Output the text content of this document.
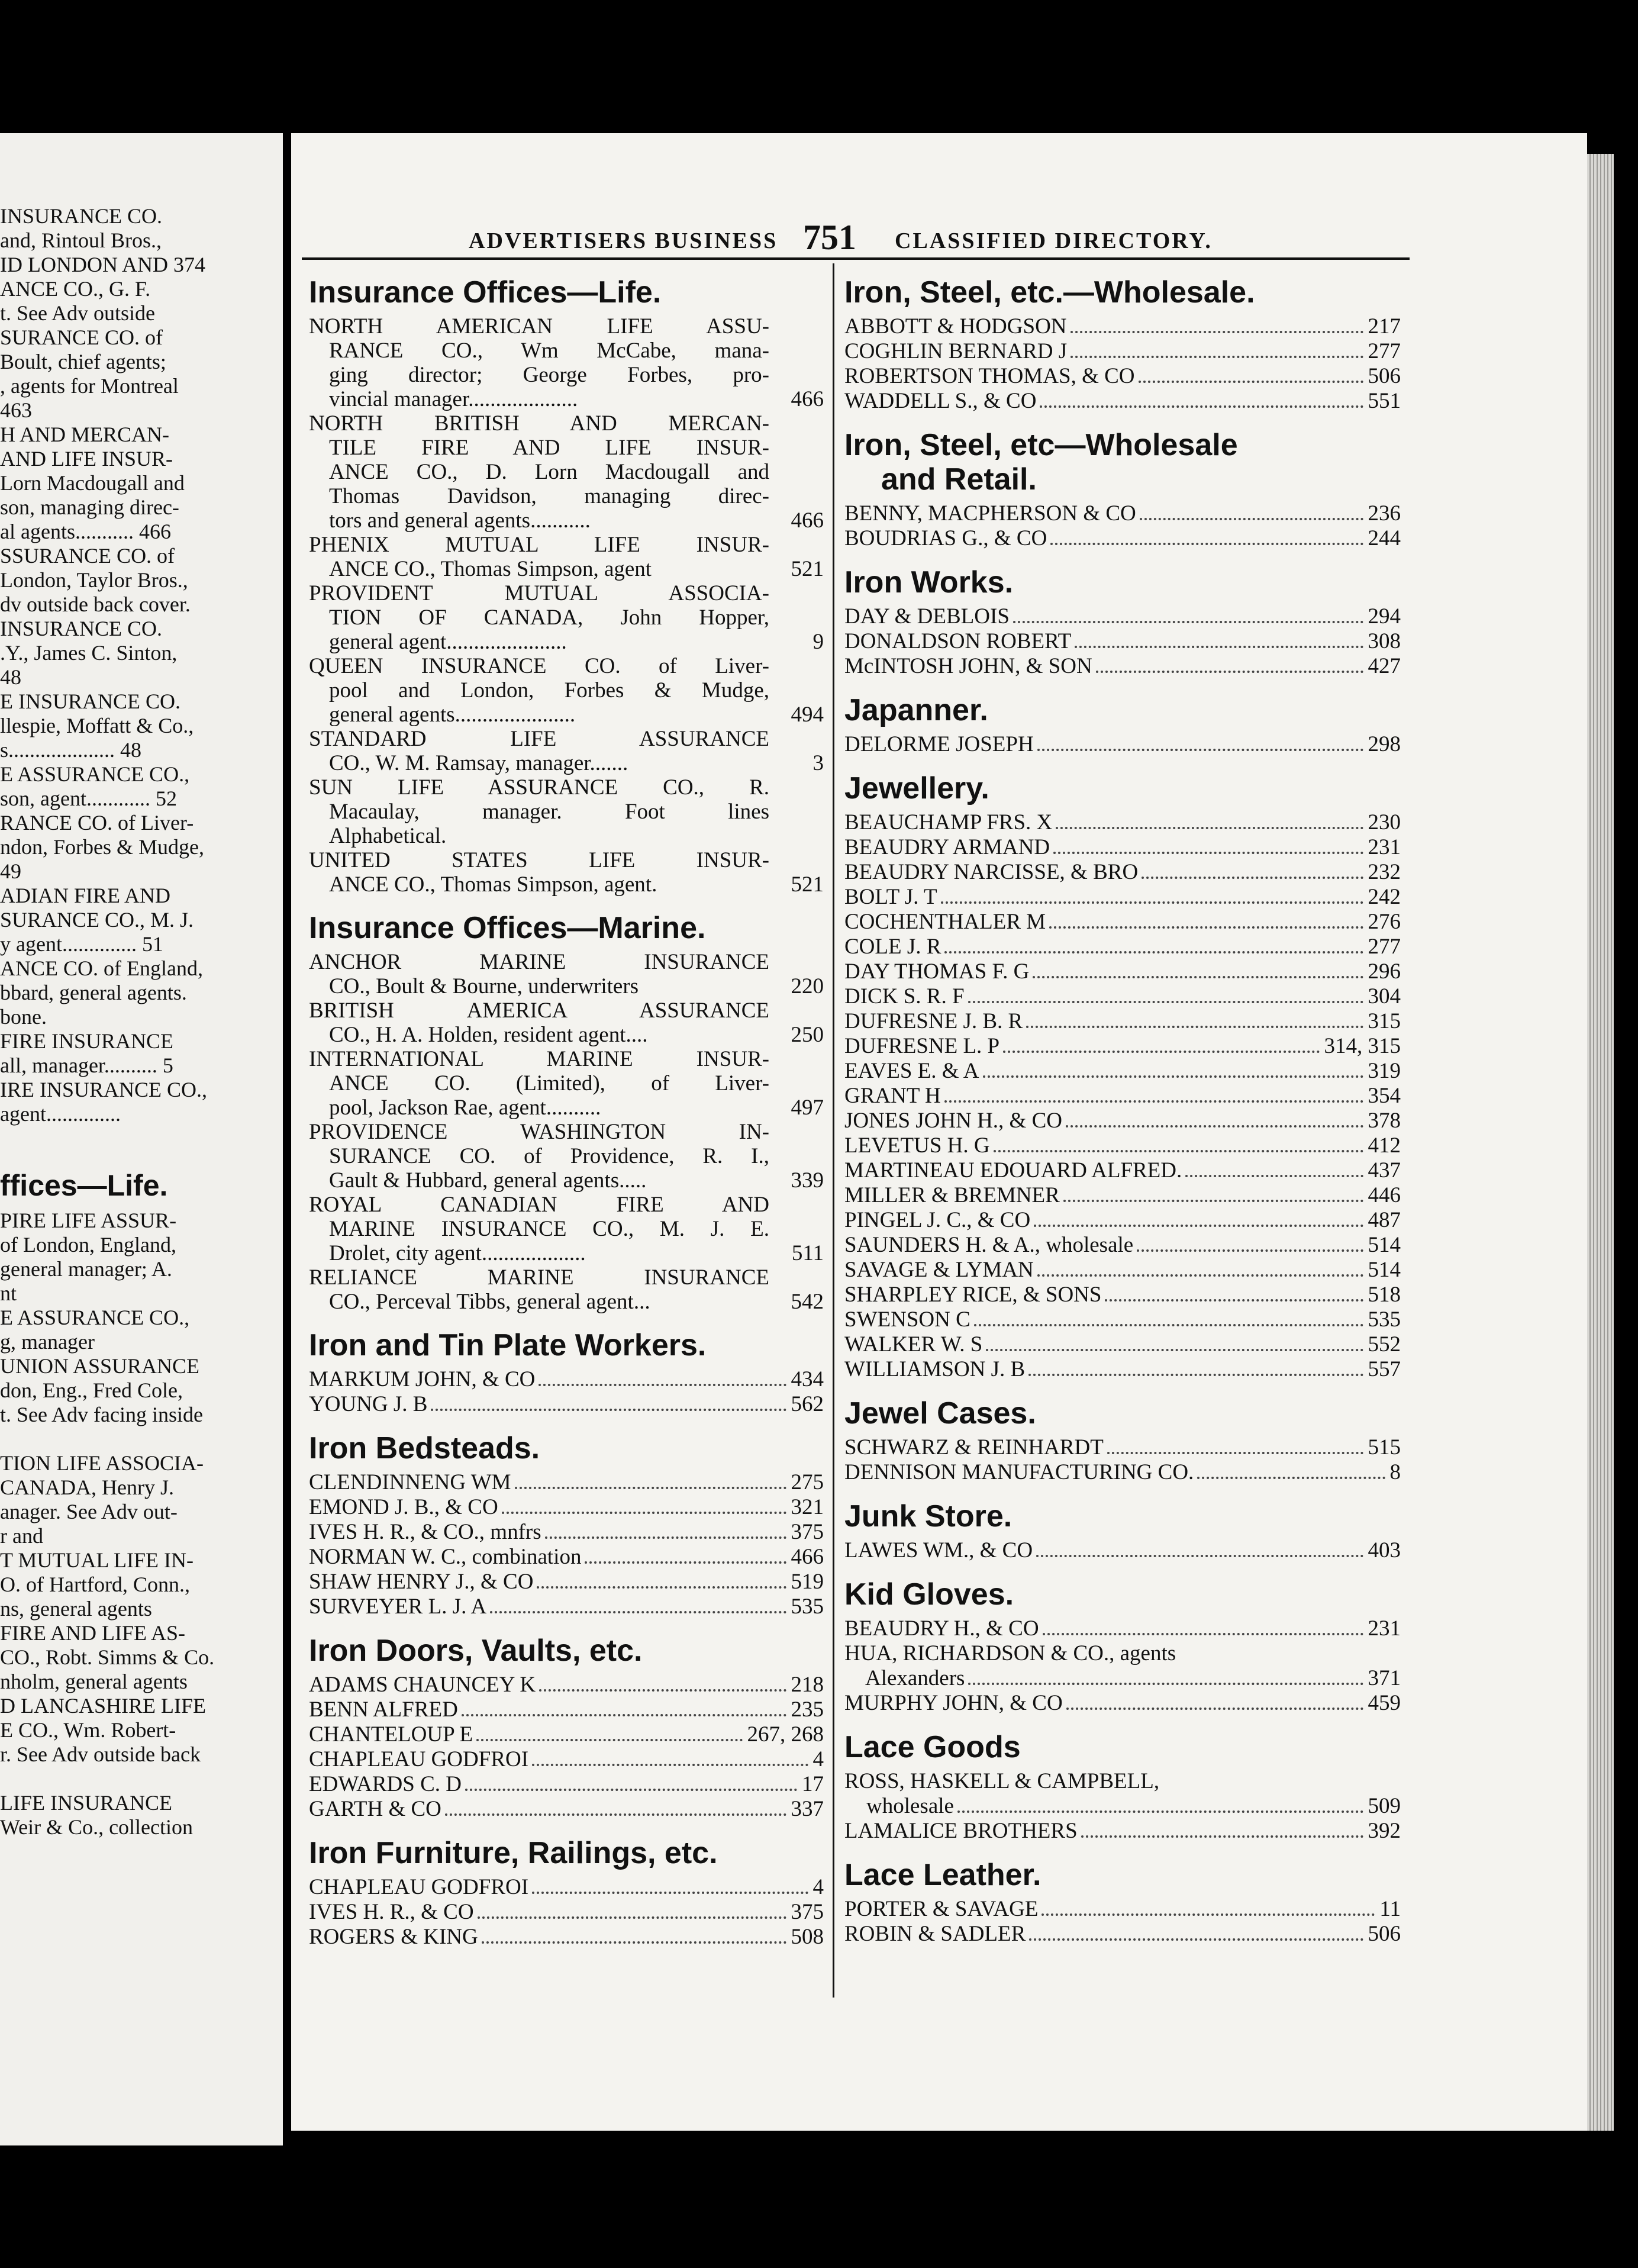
INSURANCE CO.
and, Rintoul Bros.,
ID LONDON AND 374
ANCE CO., G. F.
t. See Adv outside
SURANCE CO. of
Boult, chief agents;
, agents for Montreal
463
H AND MERCAN-
AND LIFE INSUR-
Lorn Macdougall and
son, managing direc-
al agents........... 466
SSURANCE CO. of
London, Taylor Bros.,
dv outside back cover.
INSURANCE CO.
.Y., James C. Sinton,
48
E INSURANCE CO.
llespie, Moffatt & Co.,
s.................... 48
E ASSURANCE CO.,
son, agent............ 52
RANCE CO. of Liver-
ndon, Forbes & Mudge,
49
ADIAN FIRE AND
SURANCE CO., M. J.
y agent.............. 51
ANCE CO. of England,
bbard, general agents.
bone.
FIRE INSURANCE
all, manager.......... 5
IRE INSURANCE CO.,
agent..............
ffices—Life.
PIRE LIFE ASSUR-
of London, England,
general manager; A.
nt
E ASSURANCE CO.,
g, manager
UNION ASSURANCE
don, Eng., Fred Cole,
t. See Adv facing inside
TION LIFE ASSOCIA-
CANADA, Henry J.
anager. See Adv out-
r and
T MUTUAL LIFE IN-
O. of Hartford, Conn.,
ns, general agents
FIRE AND LIFE AS-
CO., Robt. Simms & Co.
nholm, general agents
D LANCASHIRE LIFE
E CO., Wm. Robert-
r. See Adv outside back
LIFE INSURANCE
Weir & Co., collection
ADVERTISERS BUSINESS 751 CLASSIFIED DIRECTORY.
Insurance Offices—Life.
NORTH AMERICAN LIFE ASSU-
RANCE CO., Wm McCabe, mana-
ging director; George Forbes, pro-
vincial manager....................	466
NORTH BRITISH AND MERCAN-
TILE FIRE AND LIFE INSUR-
ANCE CO., D. Lorn Macdougall and
Thomas Davidson, managing direc-
tors and general agents...........	466
PHENIX MUTUAL LIFE INSUR-
ANCE CO., Thomas Simpson, agent	521
PROVIDENT MUTUAL ASSOCIA-
TION OF CANADA, John Hopper,
general agent......................	9
QUEEN INSURANCE CO. of Liver-
pool and London, Forbes & Mudge,
general agents......................	494
STANDARD LIFE ASSURANCE
CO., W. M. Ramsay, manager.......	3
SUN LIFE ASSURANCE CO., R.
Macaulay, manager. Foot lines
Alphabetical.
UNITED STATES LIFE INSUR-
ANCE CO., Thomas Simpson, agent.	521
Insurance Offices—Marine.
ANCHOR MARINE INSURANCE
CO., Boult & Bourne, underwriters	220
BRITISH AMERICA ASSURANCE
CO., H. A. Holden, resident agent....	250
INTERNATIONAL MARINE INSUR-
ANCE CO. (Limited), of Liver-
pool, Jackson Rae, agent..........	497
PROVIDENCE WASHINGTON IN-
SURANCE CO. of Providence, R. I.,
Gault & Hubbard, general agents.....	339
ROYAL CANADIAN FIRE AND
MARINE INSURANCE CO., M. J. E.
Drolet, city agent...................	511
RELIANCE MARINE INSURANCE
CO., Perceval Tibbs, general agent...	542
Iron and Tin Plate Workers.
MARKUM JOHN, & CO	434
YOUNG J. B	562
Iron Bedsteads.
CLENDINNENG WM	275
EMOND J. B., & CO	321
IVES H. R., & CO., mnfrs	375
NORMAN W. C., combination	466
SHAW HENRY J., & CO	519
SURVEYER L. J. A	535
Iron Doors, Vaults, etc.
ADAMS CHAUNCEY K	218
BENN ALFRED	235
CHANTELOUP E	267, 268
CHAPLEAU GODFROI	4
EDWARDS C. D	17
GARTH & CO	337
Iron Furniture, Railings, etc.
CHAPLEAU GODFROI	4
IVES H. R., & CO	375
ROGERS & KING	508
Iron, Steel, etc.—Wholesale.
ABBOTT & HODGSON	217
COGHLIN BERNARD J	277
ROBERTSON THOMAS, & CO	506
WADDELL S., & CO	551
Iron, Steel, etc—Wholesale
and Retail.
BENNY, MACPHERSON & CO	236
BOUDRIAS G., & CO	244
Iron Works.
DAY & DEBLOIS	294
DONALDSON ROBERT	308
McINTOSH JOHN, & SON	427
Japanner.
DELORME JOSEPH	298
Jewellery.
BEAUCHAMP FRS. X	230
BEAUDRY ARMAND	231
BEAUDRY NARCISSE, & BRO	232
BOLT J. T	242
COCHENTHALER M	276
COLE J. R	277
DAY THOMAS F. G	296
DICK S. R. F	304
DUFRESNE J. B. R	315
DUFRESNE L. P	314, 315
EAVES E. & A	319
GRANT H	354
JONES JOHN H., & CO	378
LEVETUS H. G	412
MARTINEAU EDOUARD ALFRED.	437
MILLER & BREMNER	446
PINGEL J. C., & CO	487
SAUNDERS H. & A., wholesale	514
SAVAGE & LYMAN	514
SHARPLEY RICE, & SONS	518
SWENSON C	535
WALKER W. S	552
WILLIAMSON J. B	557
Jewel Cases.
SCHWARZ & REINHARDT	515
DENNISON MANUFACTURING CO.	8
Junk Store.
LAWES WM., & CO	403
Kid Gloves.
BEAUDRY H., & CO	231
HUA, RICHARDSON & CO., agents
Alexanders	371
MURPHY JOHN, & CO	459
Lace Goods
ROSS, HASKELL & CAMPBELL,
wholesale	509
LAMALICE BROTHERS	392
Lace Leather.
PORTER & SAVAGE	11
ROBIN & SADLER	506
